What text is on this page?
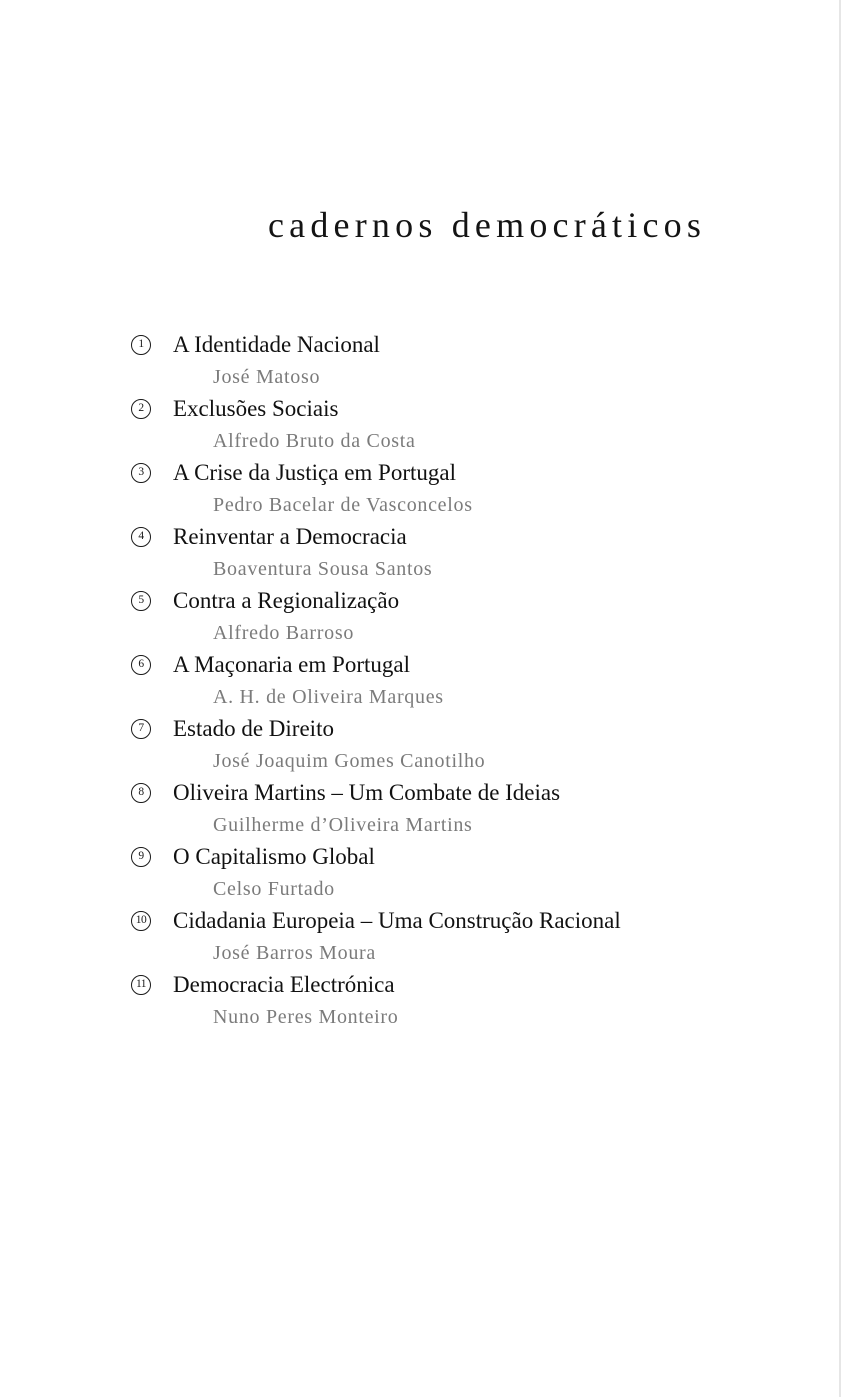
cadernos democráticos
1	A Identidade Nacional
José Matoso
2	Exclusões Sociais
Alfredo Bruto da Costa
3	A Crise da Justiça em Portugal
Pedro Bacelar de Vasconcelos
4	Reinventar a Democracia
Boaventura Sousa Santos
5	Contra a Regionalização
Alfredo Barroso
6	A Maçonaria em Portugal
A. H. de Oliveira Marques
7	Estado de Direito
José Joaquim Gomes Canotilho
8	Oliveira Martins – Um Combate de Ideias
Guilherme d’Oliveira Martins
9	O Capitalismo Global
Celso Furtado
10 Cidadania Europeia – Uma Construção Racional
José Barros Moura
11 Democracia Electrónica
Nuno Peres Monteiro
